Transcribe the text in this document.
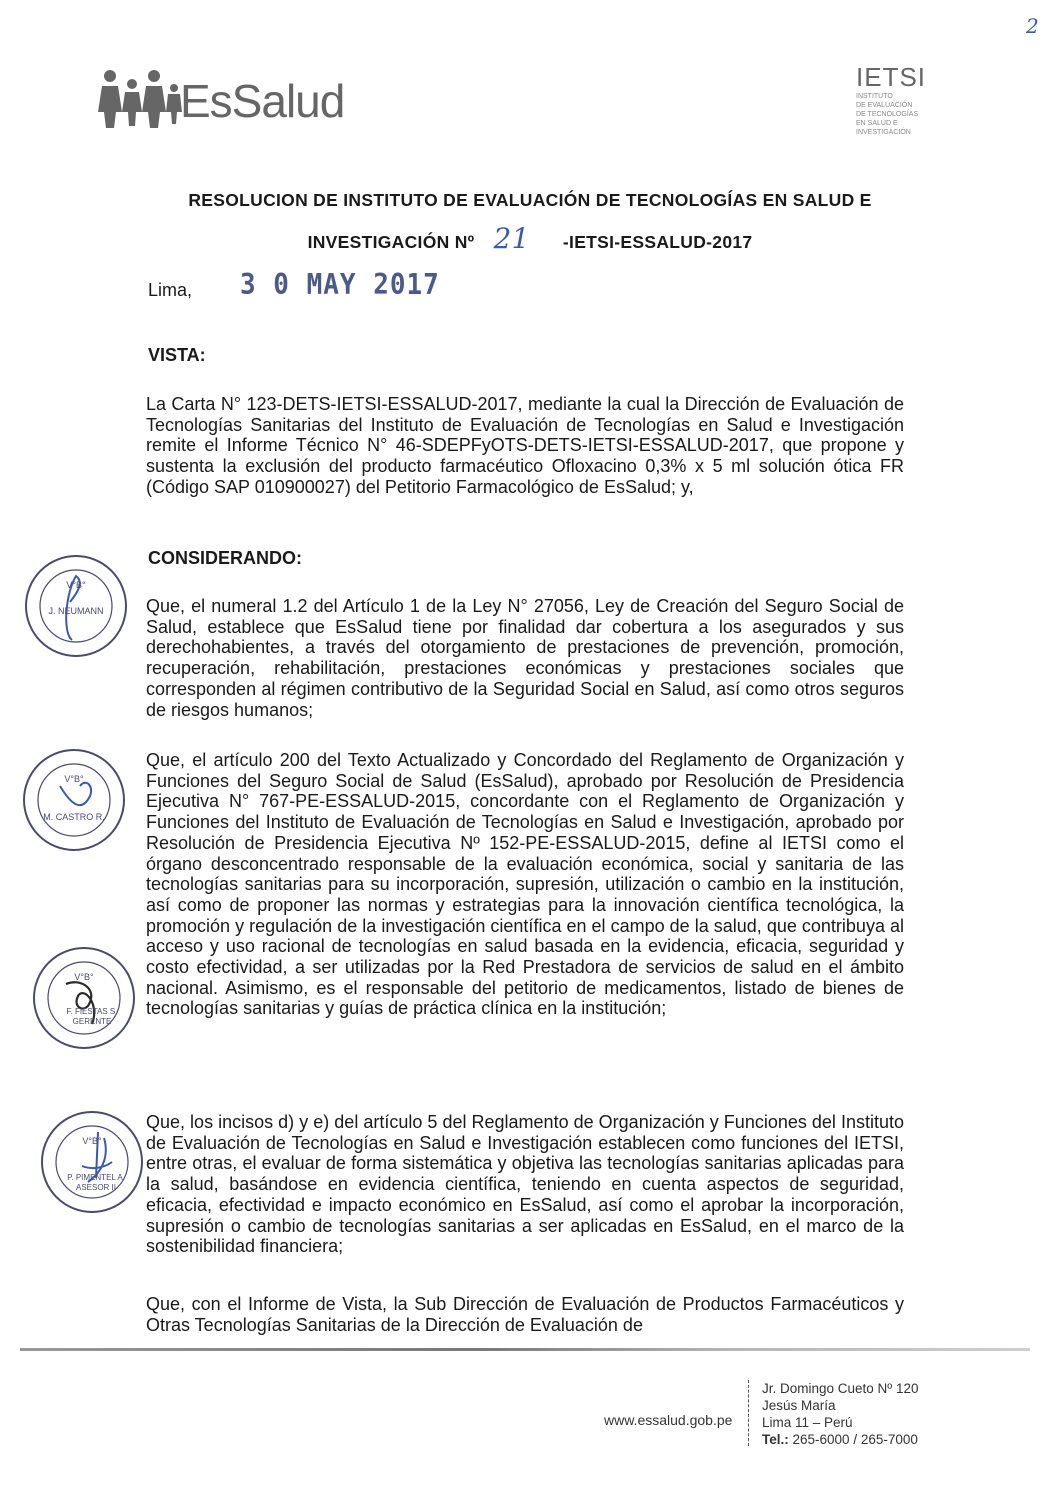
2
EsSalud	IETSI
INSTITUTO
DE EVALUACIÓN
DE TECNOLOGÍAS
EN SALUD E
INVESTIGACIÓN
RESOLUCION DE INSTITUTO DE EVALUACIÓN DE TECNOLOGÍAS EN SALUD E
INVESTIGACIÓN Nº 21 -IETSI-ESSALUD-2017
Lima, 3 0 MAY 2017
VISTA:
La Carta N° 123-DETS-IETSI-ESSALUD-2017, mediante la cual la Dirección de Evaluación de Tecnologías Sanitarias del Instituto de Evaluación de Tecnologías en Salud e Investigación remite el Informe Técnico N° 46-SDEPFyOTS-DETS-IETSI-ESSALUD-2017, que propone y sustenta la exclusión del producto farmacéutico Ofloxacino 0,3% x 5 ml solución ótica FR (Código SAP 010900027) del Petitorio Farmacológico de EsSalud; y,
CONSIDERANDO:
Que, el numeral 1.2 del Artículo 1 de la Ley N° 27056, Ley de Creación del Seguro Social de Salud, establece que EsSalud tiene por finalidad dar cobertura a los asegurados y sus derechohabientes, a través del otorgamiento de prestaciones de prevención, promoción, recuperación, rehabilitación, prestaciones económicas y prestaciones sociales que corresponden al régimen contributivo de la Seguridad Social en Salud, así como otros seguros de riesgos humanos;
Que, el artículo 200 del Texto Actualizado y Concordado del Reglamento de Organización y Funciones del Seguro Social de Salud (EsSalud), aprobado por Resolución de Presidencia Ejecutiva N° 767-PE-ESSALUD-2015, concordante con el Reglamento de Organización y Funciones del Instituto de Evaluación de Tecnologías en Salud e Investigación, aprobado por Resolución de Presidencia Ejecutiva Nº 152-PE-ESSALUD-2015, define al IETSI como el órgano desconcentrado responsable de la evaluación económica, social y sanitaria de las tecnologías sanitarias para su incorporación, supresión, utilización o cambio en la institución, así como de proponer las normas y estrategias para la innovación científica tecnológica, la promoción y regulación de la investigación científica en el campo de la salud, que contribuya al acceso y uso racional de tecnologías en salud basada en la evidencia, eficacia, seguridad y costo efectividad, a ser utilizadas por la Red Prestadora de servicios de salud en el ámbito nacional. Asimismo, es el responsable del petitorio de medicamentos, listado de bienes de tecnologías sanitarias y guías de práctica clínica en la institución;
Que, los incisos d) y e) del artículo 5 del Reglamento de Organización y Funciones del Instituto de Evaluación de Tecnologías en Salud e Investigación establecen como funciones del IETSI, entre otras, el evaluar de forma sistemática y objetiva las tecnologías sanitarias aplicadas para la salud, basándose en evidencia científica, teniendo en cuenta aspectos de seguridad, eficacia, efectividad e impacto económico en EsSalud, así como el aprobar la incorporación, supresión o cambio de tecnologías sanitarias a ser aplicadas en EsSalud, en el marco de la sostenibilidad financiera;
Que, con el Informe de Vista, la Sub Dirección de Evaluación de Productos Farmacéuticos y Otras Tecnologías Sanitarias de la Dirección de Evaluación de
V°B°
J. NEUMANN
V°B°
M. CASTRO R.
V°B°
F. FIESTAS S.
GERENTE
V°B°
P. PIMENTEL A.
ASESOR II
www.essalud.gob.pe
Jr. Domingo Cueto Nº 120
Jesús María
Lima 11 – Perú
Tel.: 265-6000 / 265-7000
